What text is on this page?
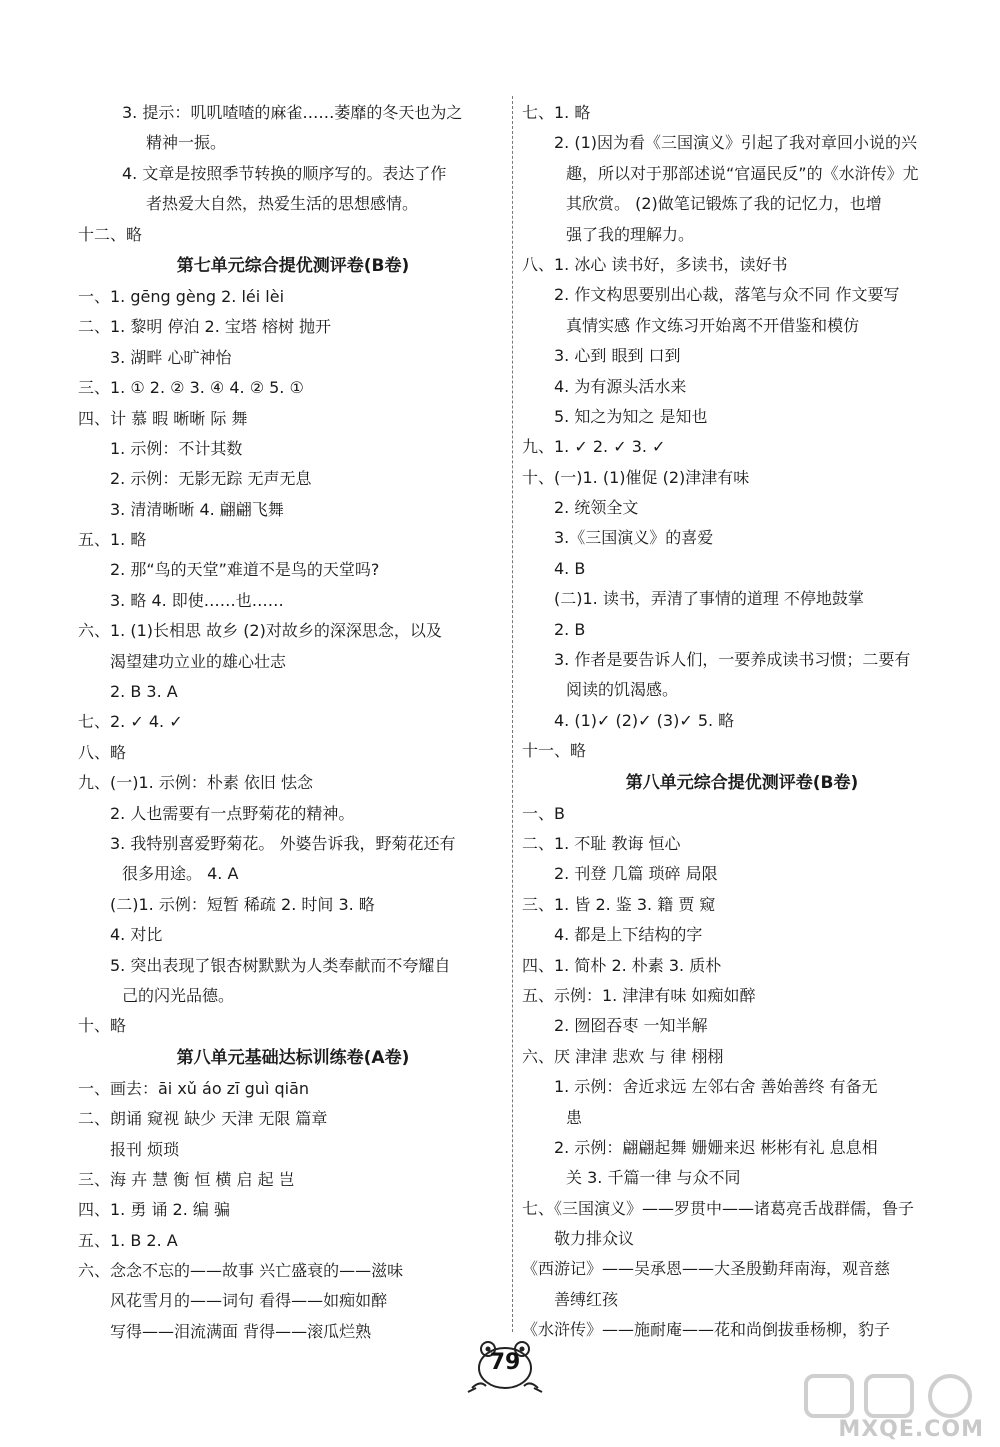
3. 提示：叽叽喳喳的麻雀……萎靡的冬天也为之
精神一振。
4. 文章是按照季节转换的顺序写的。表达了作
者热爱大自然，热爱生活的思想感情。
十二、略
第七单元综合提优测评卷(B卷)
一、1. gēng gèng 2. léi lèi
二、1. 黎明 停泊 2. 宝塔 榕树 抛开
3. 湖畔 心旷神怡
三、1. ① 2. ② 3. ④ 4. ② 5. ①
四、计 慕 暇 晰晰 际 舞
1. 示例：不计其数
2. 示例：无影无踪 无声无息
3. 清清晰晰 4. 翩翩飞舞
五、1. 略
2. 那“鸟的天堂”难道不是鸟的天堂吗?
3. 略 4. 即使……也……
六、1. (1)长相思 故乡 (2)对故乡的深深思念，以及
渴望建功立业的雄心壮志
2. B 3. A
七、2. ✓ 4. ✓
八、略
九、(一)1. 示例：朴素 依旧 怯念
2. 人也需要有一点野菊花的精神。
3. 我特别喜爱野菊花。 外婆告诉我，野菊花还有
很多用途。 4. A
(二)1. 示例：短暂 稀疏 2. 时间 3. 略
4. 对比
5. 突出表现了银杏树默默为人类奉献而不夸耀自
己的闪光品德。
十、略
第八单元基础达标训练卷(A卷)
一、画去：āi xǔ áo zī guì qiān
二、朗诵 窥视 缺少 天津 无限 篇章
报刊 烦琐
三、海 卉 慧 衡 恒 横 启 起 岂
四、1. 勇 诵 2. 编 骗
五、1. B 2. A
六、念念不忘的——故事 兴亡盛衰的——滋味
风花雪月的——词句 看得——如痴如醉
写得——泪流满面 背得——滚瓜烂熟
七、1. 略
2. (1)因为看《三国演义》引起了我对章回小说的兴
趣，所以对于那部述说“官逼民反”的《水浒传》尤
其欣赏。 (2)做笔记锻炼了我的记忆力，也增
强了我的理解力。
八、1. 冰心 读书好，多读书，读好书
2. 作文构思要别出心裁，落笔与众不同 作文要写
真情实感 作文练习开始离不开借鉴和模仿
3. 心到 眼到 口到
4. 为有源头活水来
5. 知之为知之 是知也
九、1. ✓ 2. ✓ 3. ✓
十、(一)1. (1)催促 (2)津津有味
2. 统领全文
3.《三国演义》的喜爱
4. B
(二)1. 读书，弄清了事情的道理 不停地鼓掌
2. B
3. 作者是要告诉人们，一要养成读书习惯；二要有
阅读的饥渴感。
4. (1)✓ (2)✓ (3)✓ 5. 略
十一、略
第八单元综合提优测评卷(B卷)
一、B
二、1. 不耻 教诲 恒心
2. 刊登 几篇 琐碎 局限
三、1. 皆 2. 鉴 3. 籍 贾 窥
4. 都是上下结构的字
四、1. 简朴 2. 朴素 3. 质朴
五、示例：1. 津津有味 如痴如醉
2. 囫囵吞枣 一知半解
六、厌 津津 悲欢 与 律 栩栩
1. 示例：舍近求远 左邻右舍 善始善终 有备无
患
2. 示例：翩翩起舞 姗姗来迟 彬彬有礼 息息相
关 3. 千篇一律 与众不同
七、《三国演义》——罗贯中——诸葛亮舌战群儒，鲁子
敬力排众议
《西游记》——吴承恩——大圣殷勤拜南海，观音慈
善缚红孩
《水浒传》——施耐庵——花和尚倒拔垂杨柳，豹子
79
MXQE.COM
